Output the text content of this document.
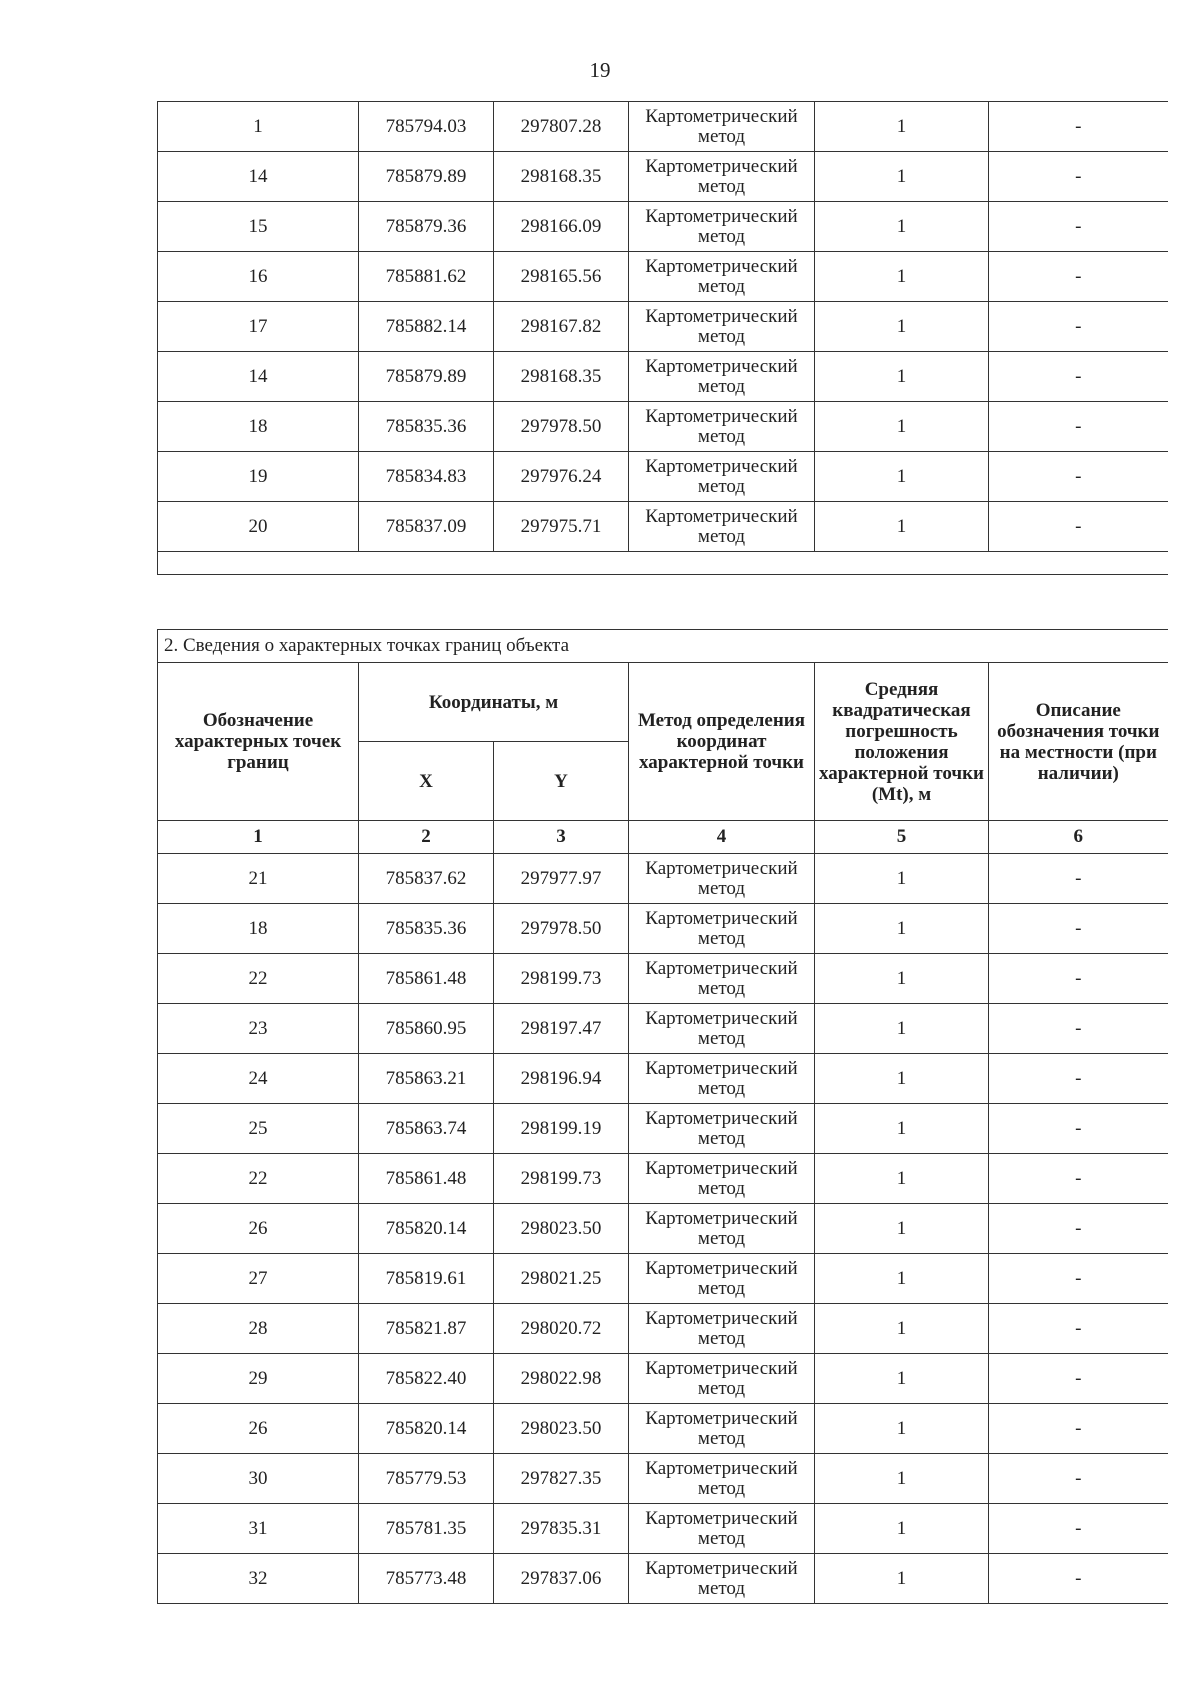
19
1	785794.03	297807.28	Картометрический метод	1	-
14	785879.89	298168.35	Картометрический метод	1	-
15	785879.36	298166.09	Картометрический метод	1	-
16	785881.62	298165.56	Картометрический метод	1	-
17	785882.14	298167.82	Картометрический метод	1	-
14	785879.89	298168.35	Картометрический метод	1	-
18	785835.36	297978.50	Картометрический метод	1	-
19	785834.83	297976.24	Картометрический метод	1	-
20	785837.09	297975.71	Картометрический метод	1	-

2. Сведения о характерных точках границ объекта					
Обозначение характерных точек границ	Координаты, м		Метод определения координат характерной точки	Средняя квадратическая погрешность положения характерной точки (Mt), м	Описание обозначения точки на местности (при наличии)
	X	Y			
1	2	3	4	5	6
21	785837.62	297977.97	Картометрический метод	1	-
18	785835.36	297978.50	Картометрический метод	1	-
22	785861.48	298199.73	Картометрический метод	1	-
23	785860.95	298197.47	Картометрический метод	1	-
24	785863.21	298196.94	Картометрический метод	1	-
25	785863.74	298199.19	Картометрический метод	1	-
22	785861.48	298199.73	Картометрический метод	1	-
26	785820.14	298023.50	Картометрический метод	1	-
27	785819.61	298021.25	Картометрический метод	1	-
28	785821.87	298020.72	Картометрический метод	1	-
29	785822.40	298022.98	Картометрический метод	1	-
26	785820.14	298023.50	Картометрический метод	1	-
30	785779.53	297827.35	Картометрический метод	1	-
31	785781.35	297835.31	Картометрический метод	1	-
32	785773.48	297837.06	Картометрический метод	1	-
